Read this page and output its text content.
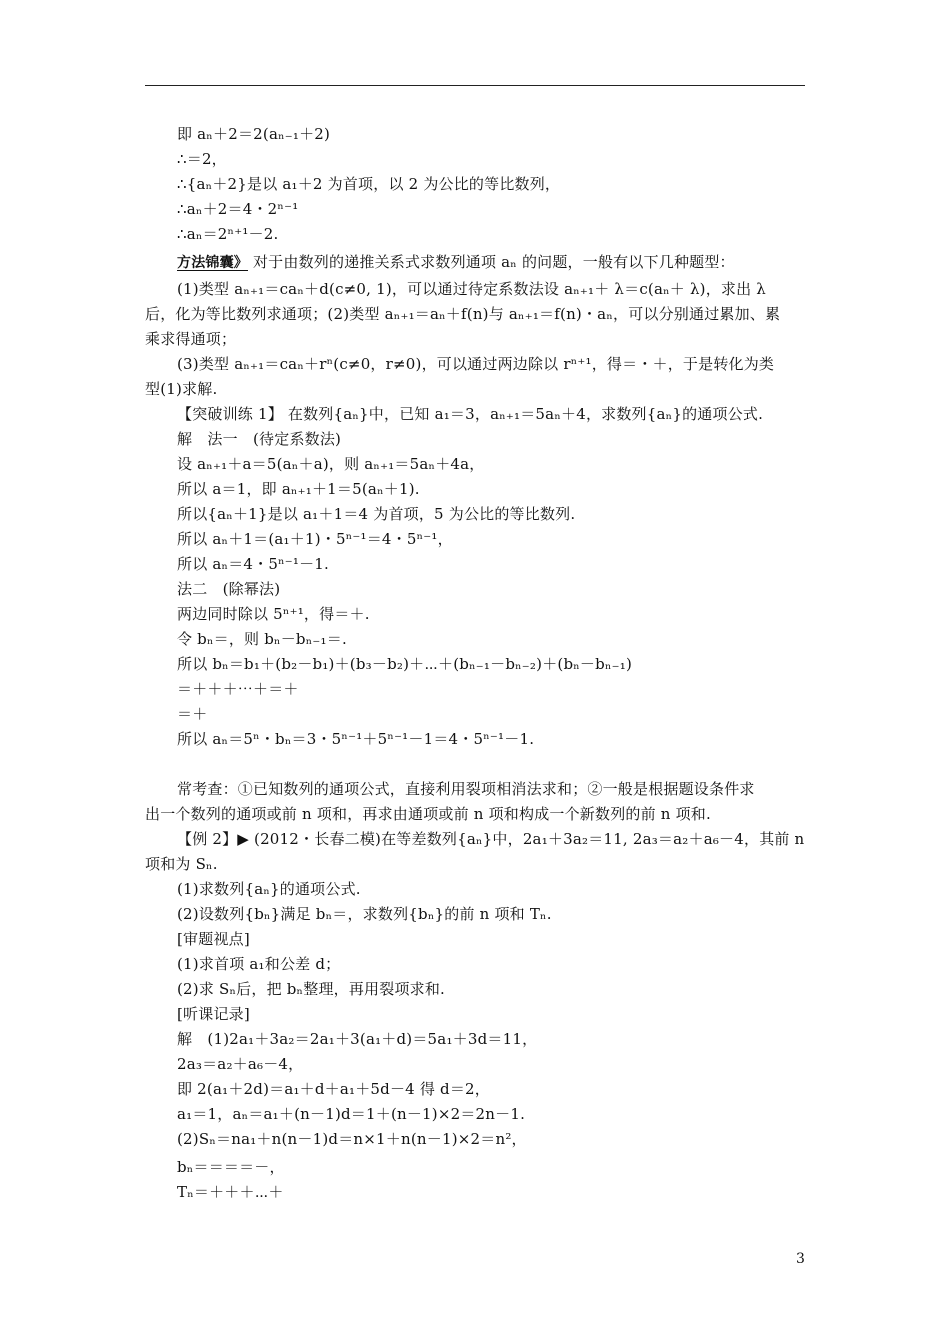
即 aₙ＋2＝2(aₙ₋₁＋2)
∴＝2，
∴{aₙ＋2}是以 a₁＋2 为首项，以 2 为公比的等比数列，
∴aₙ＋2＝4・2ⁿ⁻¹
∴aₙ＝2ⁿ⁺¹－2.
方法锦囊》 对于由数列的递推关系式求数列通项 aₙ 的问题，一般有以下几种题型：
(1)类型 aₙ₊₁＝caₙ＋d(c≠0, 1)，可以通过待定系数法设 aₙ₊₁＋ λ＝c(aₙ＋ λ)，求出 λ
后，化为等比数列求通项；(2)类型 aₙ₊₁＝aₙ＋f(n)与 aₙ₊₁＝f(n)・aₙ，可以分别通过累加、累
乘求得通项；
(3)类型 aₙ₊₁＝caₙ＋rⁿ(c≠0，r≠0)，可以通过两边除以 rⁿ⁺¹，得＝・＋，于是转化为类
型(1)求解.
【突破训练 1】 在数列{aₙ}中，已知 a₁＝3，aₙ₊₁＝5aₙ＋4，求数列{aₙ}的通项公式.
解　法一　(待定系数法)
设 aₙ₊₁＋a＝5(aₙ＋a)，则 aₙ₊₁＝5aₙ＋4a，
所以 a＝1，即 aₙ₊₁＋1＝5(aₙ＋1).
所以{aₙ＋1}是以 a₁＋1＝4 为首项，5 为公比的等比数列.
所以 aₙ＋1＝(a₁＋1)・5ⁿ⁻¹＝4・5ⁿ⁻¹，
所以 aₙ＝4・5ⁿ⁻¹－1.
法二　(除幂法)
两边同时除以 5ⁿ⁺¹，得＝＋.
令 bₙ＝，则 bₙ－bₙ₋₁＝.
所以 bₙ＝b₁＋(b₂－b₁)＋(b₃－b₂)＋⋯＋(bₙ₋₁－bₙ₋₂)＋(bₙ－bₙ₋₁)
＝＋＋＋⋯＋＝＋
＝＋
所以 aₙ＝5ⁿ・bₙ＝3・5ⁿ⁻¹＋5ⁿ⁻¹－1＝4・5ⁿ⁻¹－1.
常考查：①已知数列的通项公式，直接利用裂项相消法求和；②一般是根据题设条件求
出一个数列的通项或前 n 项和，再求由通项或前 n 项和构成一个新数列的前 n 项和.
【例 2】▶ (2012・长春二模)在等差数列{aₙ}中，2a₁＋3a₂＝11, 2a₃＝a₂＋a₆－4，其前 n
项和为 Sₙ.
(1)求数列{aₙ}的通项公式.
(2)设数列{bₙ}满足 bₙ＝，求数列{bₙ}的前 n 项和 Tₙ.
[审题视点]
(1)求首项 a₁和公差 d；
(2)求 Sₙ后，把 bₙ整理，再用裂项求和.
[听课记录]
解　(1)2a₁＋3a₂＝2a₁＋3(a₁＋d)＝5a₁＋3d＝11，
2a₃＝a₂＋a₆－4，
即 2(a₁＋2d)＝a₁＋d＋a₁＋5d－4 得 d＝2，
a₁＝1，aₙ＝a₁＋(n－1)d＝1＋(n－1)×2＝2n－1.
(2)Sₙ＝na₁＋n(n－1)d＝n×1＋n(n－1)×2＝n²，
bₙ＝＝＝＝－，
Tₙ＝＋＋＋⋯＋
3
